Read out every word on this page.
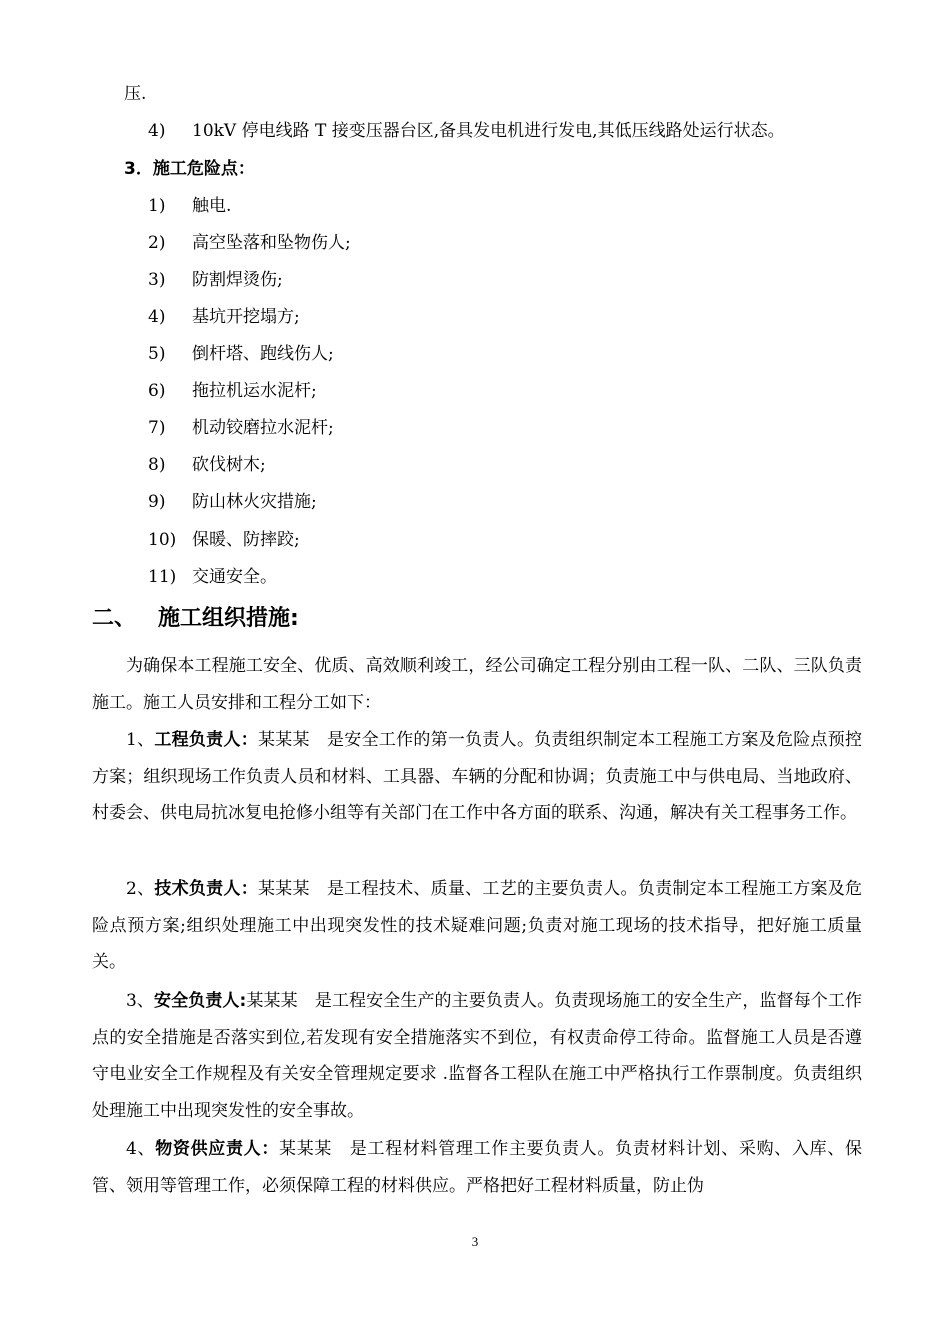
压.
4) 10kV 停电线路 T 接变压器台区,备具发电机进行发电,其低压线路处运行状态。
3．施工危险点：
1) 触电.
2) 高空坠落和坠物伤人;
3) 防割焊烫伤;
4) 基坑开挖塌方;
5) 倒杆塔、跑线伤人;
6) 拖拉机运水泥杆;
7) 机动铰磨拉水泥杆;
8) 砍伐树木;
9) 防山林火灾措施;
10) 保暖、防摔跤;
11) 交通安全。
二、 施工组织措施:

为确保本工程施工安全、优质、高效顺利竣工，经公司确定工程分别由工程一队、二队、三队负责施工。施工人员安排和工程分工如下：

1、工程负责人：某某某　是安全工作的第一负责人。负责组织制定本工程施工方案及危险点预控方案；组织现场工作负责人员和材料、工具器、车辆的分配和协调；负责施工中与供电局、当地政府、村委会、供电局抗冰复电抢修小组等有关部门在工作中各方面的联系、沟通，解决有关工程事务工作。

2、技术负责人：某某某　是工程技术、质量、工艺的主要负责人。负责制定本工程施工方案及危险点预方案;组织处理施工中出现突发性的技术疑难问题;负责对施工现场的技术指导，把好施工质量关。

3、安全负责人:某某某　是工程安全生产的主要负责人。负责现场施工的安全生产，监督每个工作点的安全措施是否落实到位,若发现有安全措施落实不到位，有权责命停工待命。监督施工人员是否遵守电业安全工作规程及有关安全管理规定要求 .监督各工程队在施工中严格执行工作票制度。负责组织处理施工中出现突发性的安全事故。

4、物资供应责人：某某某　是工程材料管理工作主要负责人。负责材料计划、采购、入库、保管、领用等管理工作，必须保障工程的材料供应。严格把好工程材料质量，防止伪

3
